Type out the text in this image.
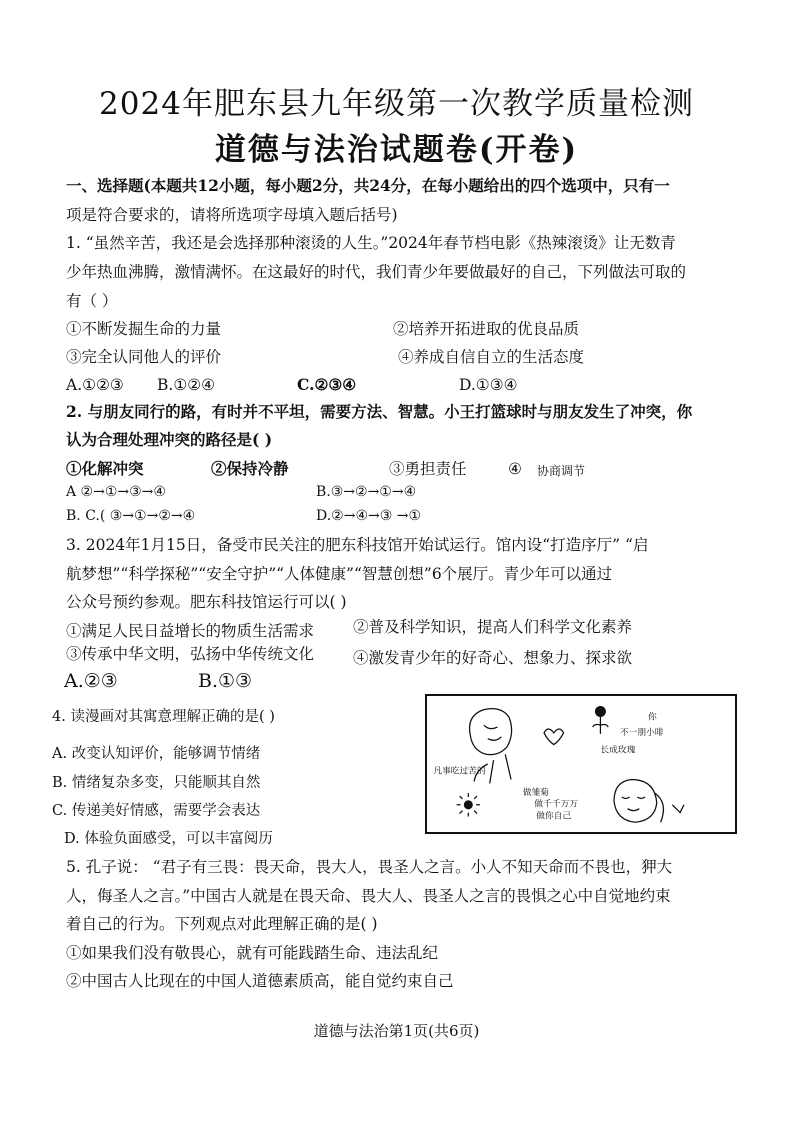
2024年肥东县九年级第一次教学质量检测
道德与法治试题卷(开卷)
一、选择题(本题共12小题，每小题2分，共24分，在每小题给出的四个选项中，只有一
项是符合要求的，请将所选项字母填入题后括号)
1. “虽然辛苦，我还是会选择那种滚烫的人生。”2024年春节档电影《热辣滚烫》让无数青
少年热血沸腾，激情满怀。在这最好的时代，我们青少年要做最好的自己，下列做法可取的
有（ ）
①不断发掘生命的力量	②培养开拓进取的优良品质
③完全认同他人的评价	④养成自信自立的生活态度
A.①②③ B.①②④	C.②③④	D.①③④
2. 与朋友同行的路，有时并不平坦，需要方法、智慧。小王打篮球时与朋友发生了冲突，你
认为合理处理冲突的路径是( )
①化解冲突	②保持冷静	③勇担责任	④ 协商调节
A ②→①→③→④	B.③→②→①→④
B. C.( ③→①→②→④	D.②→④→③ →①
3. 2024年1月15日，备受市民关注的肥东科技馆开始试运行。馆内设“打造序厅” “启
航梦想”“科学探秘”“安全守护”“人体健康”“智慧创想”6个展厅。青少年可以通过
公众号预约参观。肥东科技馆运行可以( )
①满足人民日益增长的物质生活需求	②普及科学知识，提高人们科学文化素养
③传承中华文明，弘扬中华传统文化	④激发青少年的好奇心、想象力、探求欲
A.②③	B.①③
4. 读漫画对其寓意理解正确的是( )
A. 改变认知评价，能够调节情绪
B. 情绪复杂多变，只能顺其自然
C. 传递美好情感，需要学会表达
D. 体验负面感受，可以丰富阅历
你
不一朋小啡
长成玫瑰
凡事吃过苦的
做雏菊
做千千万万
做你自己
5. 孔子说： “君子有三畏：畏天命，畏大人，畏圣人之言。小人不知天命而不畏也，狎大
人，侮圣人之言。”中国古人就是在畏天命、畏大人、畏圣人之言的畏惧之心中自觉地约束
着自己的行为。下列观点对此理解正确的是( )
①如果我们没有敬畏心，就有可能践踏生命、违法乱纪
②中国古人比现在的中国人道德素质高，能自觉约束自己
道德与法治第1页(共6页)
